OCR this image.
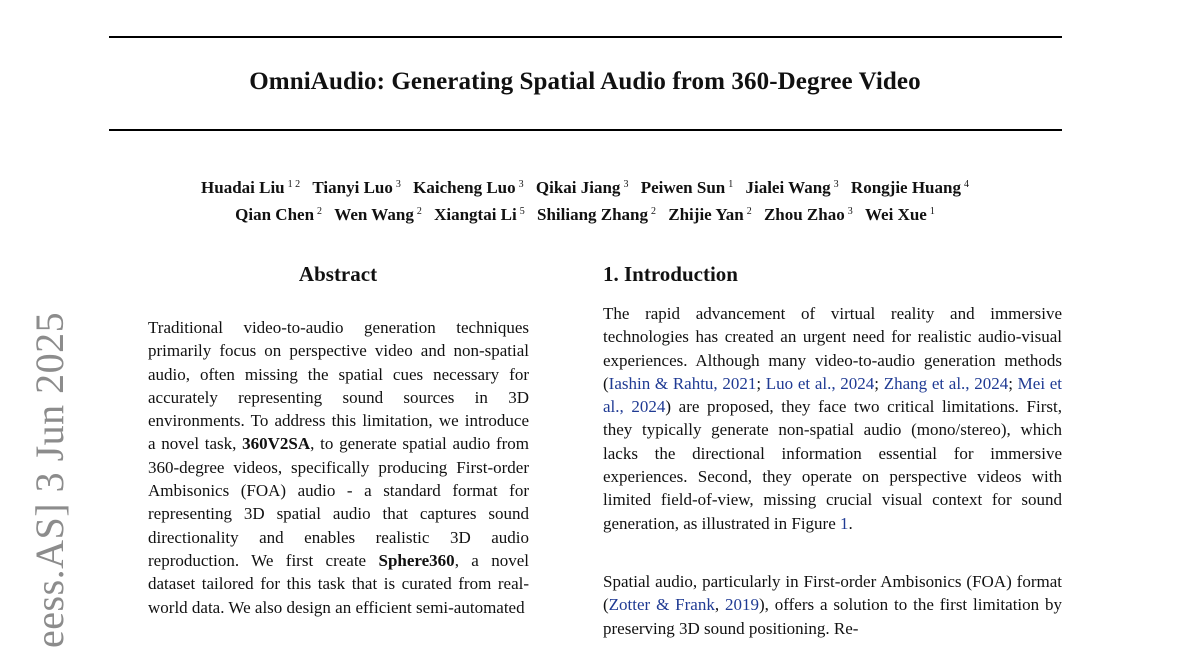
OmniAudio: Generating Spatial Audio from 360-Degree Video
Huadai Liu $^{1 2}$ Tianyi Luo $^3$ Kaicheng Luo $^3$ Qikai Jiang $^3$ Peiwen Sun $^1$ Jialei Wang $^3$ Rongjie Huang $^4$
Qian Chen $^2$ Wen Wang $^2$ Xiangtai Li $^5$ Shiliang Zhang $^2$ Zhijie Yan $^2$ Zhou Zhao $^3$ Wei Xue $^1$
eess.AS] 3 Jun 2025
Abstract
Traditional video-to-audio generation techniques primarily focus on perspective video and non-spatial audio, often missing the spatial cues necessary for accurately representing sound sources in 3D environments. To address this limitation, we introduce a novel task, 360V2SA, to generate spatial audio from 360-degree videos, specifically producing First-order Ambisonics (FOA) audio - a standard format for representing 3D spatial audio that captures sound directionality and enables realistic 3D audio reproduction. We first create Sphere360, a novel dataset tailored for this task that is curated from real-world data. We also design an efficient semi-automated
1. Introduction
The rapid advancement of virtual reality and immersive technologies has created an urgent need for realistic audio-visual experiences. Although many video-to-audio generation methods (Iashin & Rahtu, 2021; Luo et al., 2024; Zhang et al., 2024; Mei et al., 2024) are proposed, they face two critical limitations. First, they typically generate non-spatial audio (mono/stereo), which lacks the directional information essential for immersive experiences. Second, they operate on perspective videos with limited field-of-view, missing crucial visual context for sound generation, as illustrated in Figure 1.
Spatial audio, particularly in First-order Ambisonics (FOA) format (Zotter & Frank, 2019), offers a solution to the first limitation by preserving 3D sound positioning. Re-
